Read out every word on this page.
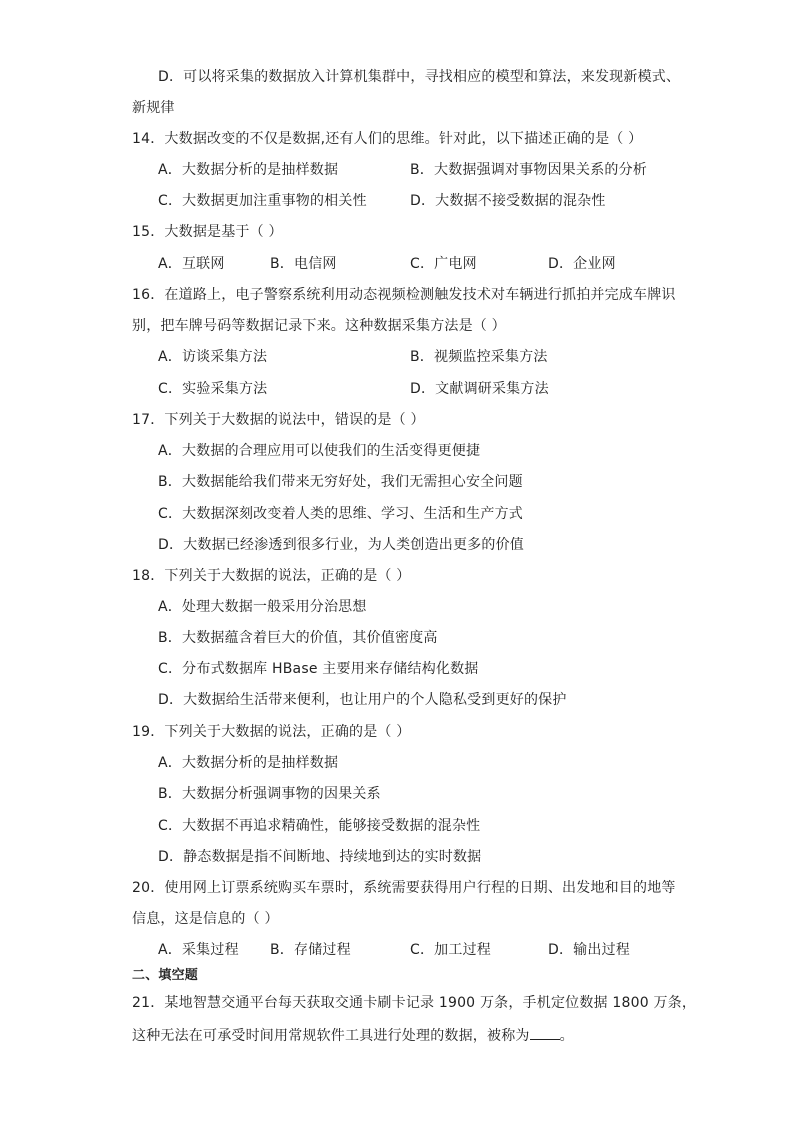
D．可以将采集的数据放入计算机集群中，寻找相应的模型和算法，来发现新模式、
新规律
14．大数据改变的不仅是数据,还有人们的思维。针对此，以下描述正确的是（ ）
A．大数据分析的是抽样数据	B．大数据强调对事物因果关系的分析
C．大数据更加注重事物的相关性	D．大数据不接受数据的混杂性
15．大数据是基于（ ）
A．互联网	B．电信网	C．广电网	D．企业网
16．在道路上，电子警察系统利用动态视频检测触发技术对车辆进行抓拍并完成车牌识
别，把车牌号码等数据记录下来。这种数据采集方法是（ ）
A．访谈采集方法	B．视频监控采集方法
C．实验采集方法	D．文献调研采集方法
17．下列关于大数据的说法中，错误的是（ ）
A．大数据的合理应用可以使我们的生活变得更便捷
B．大数据能给我们带来无穷好处，我们无需担心安全问题
C．大数据深刻改变着人类的思维、学习、生活和生产方式
D．大数据已经渗透到很多行业，为人类创造出更多的价值
18．下列关于大数据的说法，正确的是（ ）
A．处理大数据一般采用分治思想
B．大数据蕴含着巨大的价值，其价值密度高
C．分布式数据库 HBase 主要用来存储结构化数据
D．大数据给生活带来便利，也让用户的个人隐私受到更好的保护
19．下列关于大数据的说法，正确的是（ ）
A．大数据分析的是抽样数据
B．大数据分析强调事物的因果关系
C．大数据不再追求精确性，能够接受数据的混杂性
D．静态数据是指不间断地、持续地到达的实时数据
20．使用网上订票系统购买车票时，系统需要获得用户行程的日期、出发地和目的地等
信息，这是信息的（ ）
A．采集过程 B．存储过程	C．加工过程	D．输出过程
二、填空题
21．某地智慧交通平台每天获取交通卡刷卡记录 1900 万条，手机定位数据 1800 万条，
这种无法在可承受时间用常规软件工具进行处理的数据，被称为 。
